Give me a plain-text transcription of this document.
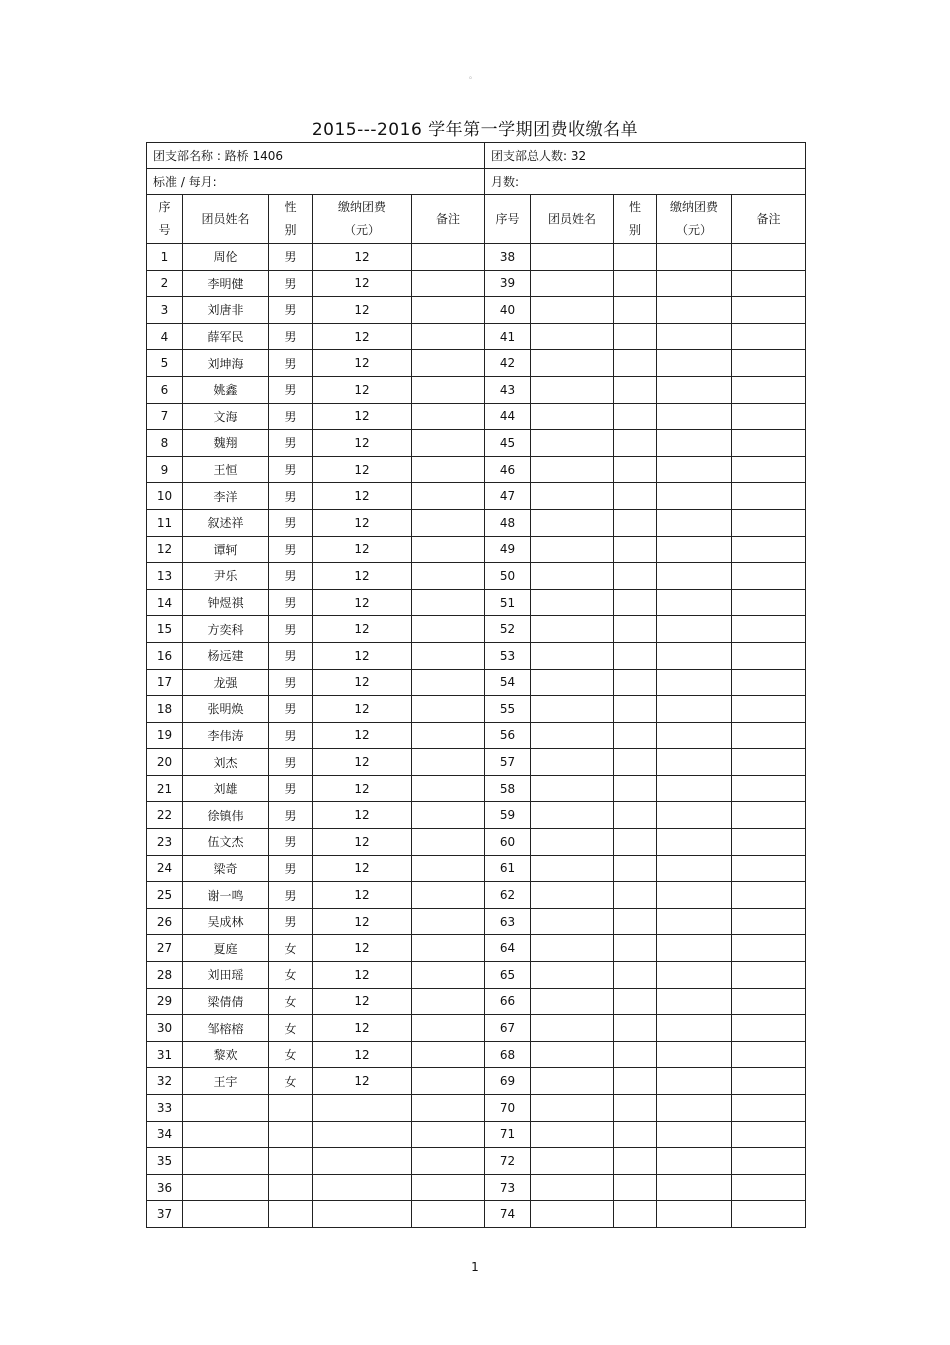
。
2015---2016 学年第一学期团费收缴名单
团支部名称 : 路桥 1406					团支部总人数: 32				
标准 / 每月:					月数:				
序
号	团员姓名	性
别	缴纳团费
（元）	备注	序号	团员姓名	性
别	缴纳团费
（元）	备注
1	周伦	男	12		38				
2	李明健	男	12		39				
3	刘唐非	男	12		40				
4	薛军民	男	12		41				
5	刘坤海	男	12		42				
6	姚鑫	男	12		43				
7	文海	男	12		44				
8	魏翔	男	12		45				
9	王恒	男	12		46				
10	李洋	男	12		47				
11	叙述祥	男	12		48				
12	谭轲	男	12		49				
13	尹乐	男	12		50				
14	钟煜祺	男	12		51				
15	方奕科	男	12		52				
16	杨远建	男	12		53				
17	龙强	男	12		54				
18	张明焕	男	12		55				
19	李伟涛	男	12		56				
20	刘杰	男	12		57				
21	刘雄	男	12		58				
22	徐镇伟	男	12		59				
23	伍文杰	男	12		60				
24	梁奇	男	12		61				
25	谢一鸣	男	12		62				
26	吴成林	男	12		63				
27	夏庭	女	12		64				
28	刘田瑶	女	12		65				
29	梁倩倩	女	12		66				
30	邹榕榕	女	12		67				
31	黎欢	女	12		68				
32	王宇	女	12		69				
33					70				
34					71				
35					72				
36					73				
37					74				
1
